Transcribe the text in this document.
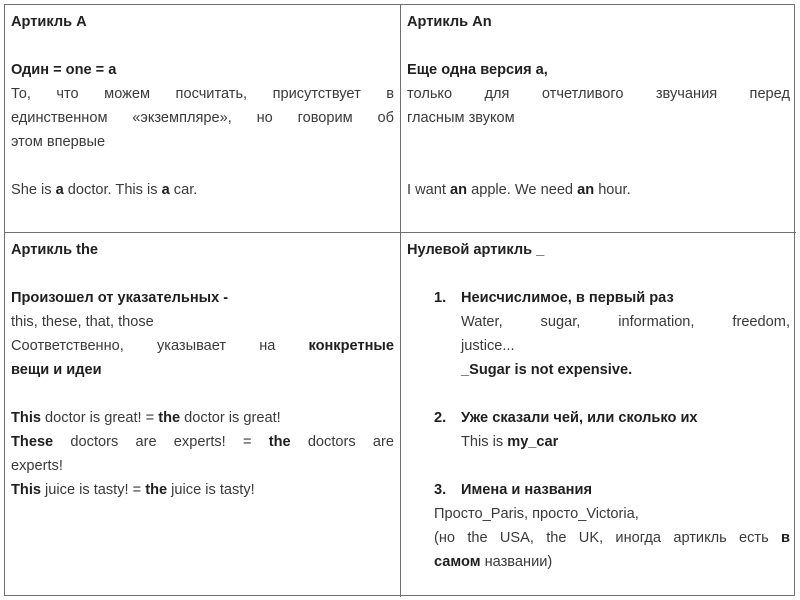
Артикль A
Один = one = a
То, что можем посчитать, присутствует в
единственном «экземпляре», но говорим об
этом впервые
She is a doctor. This is a car.
Артикль An
Еще одна версия a,
только для отчетливого звучания перед
гласным звуком
I want an apple. We need an hour.
Артикль the
Произошел от указательных -
this, these, that, those
Соответственно, указывает на конкретные
вещи и идеи
This doctor is great! = the doctor is great!
These doctors are experts! = the doctors are
experts!
This juice is tasty! = the juice is tasty!
Нулевой артикль _
1. Неисчислимое, в первый раз
Water, sugar, information, freedom,
justice...
_Sugar is not expensive.
2. Уже сказали чей, или сколько их
This is my_car
3. Имена и названия
Просто_Paris, просто_Victoria,
(но the USA, the UK, иногда артикль есть в
самом названии)
